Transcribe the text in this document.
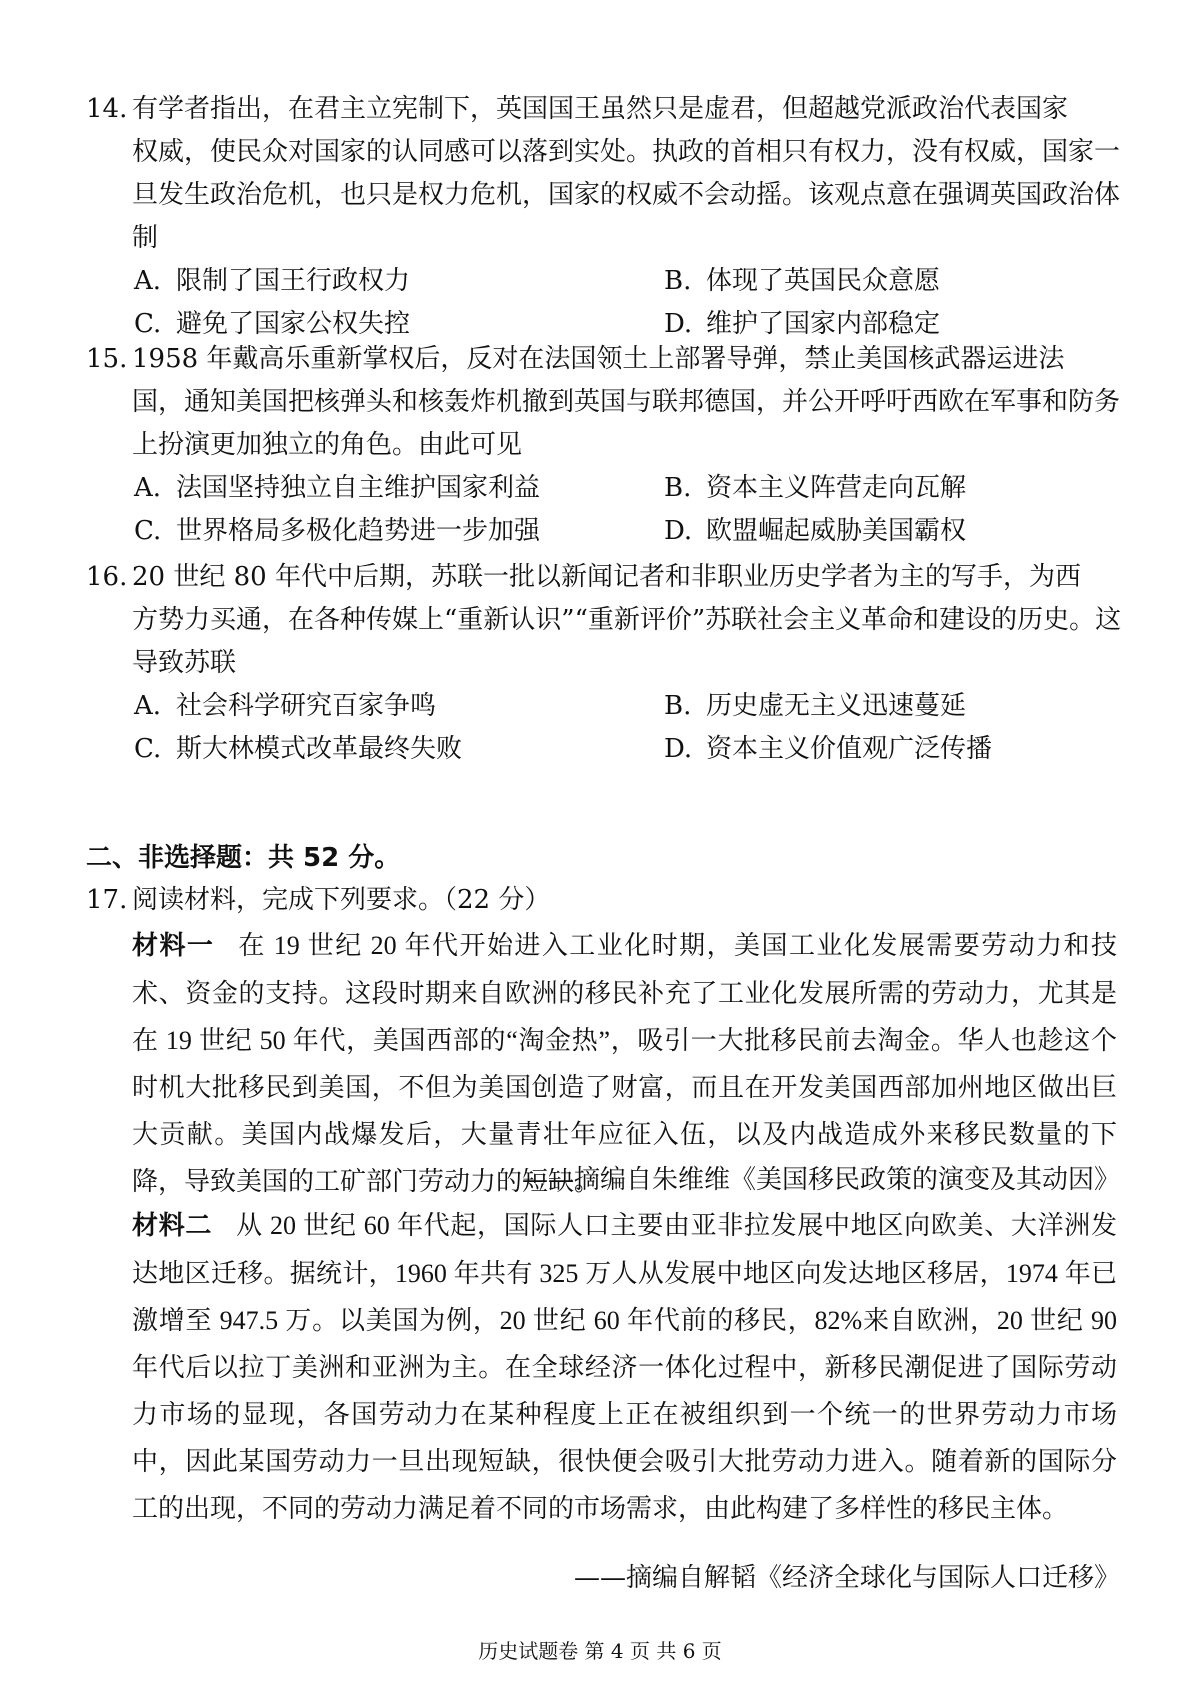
14. 有学者指出，在君主立宪制下，英国国王虽然只是虚君，但超越党派政治代表国家
权威，使民众对国家的认同感可以落到实处。执政的首相只有权力，没有权威，国家一旦发生政治危机，也只是权力危机，国家的权威不会动摇。该观点意在强调英国政治体制
A. 限制了国王行政权力	B. 体现了英国民众意愿
C. 避免了国家公权失控	D. 维护了国家内部稳定
15. 1958 年戴高乐重新掌权后，反对在法国领土上部署导弹，禁止美国核武器运进法
国，通知美国把核弹头和核轰炸机撤到英国与联邦德国，并公开呼吁西欧在军事和防务上扮演更加独立的角色。由此可见
A. 法国坚持独立自主维护国家利益	B. 资本主义阵营走向瓦解
C. 世界格局多极化趋势进一步加强	D. 欧盟崛起威胁美国霸权
16. 20 世纪 80 年代中后期，苏联一批以新闻记者和非职业历史学者为主的写手，为西
方势力买通，在各种传媒上“重新认识”“重新评价”苏联社会主义革命和建设的历史。这导致苏联
A. 社会科学研究百家争鸣	B. 历史虚无主义迅速蔓延
C. 斯大林模式改革最终失败	D. 资本主义价值观广泛传播
二、非选择题：共 52 分。
17. 阅读材料，完成下列要求。（22 分）
材料一 在 19 世纪 20 年代开始进入工业化时期，美国工业化发展需要劳动力和技术、资金的支持。这段时期来自欧洲的移民补充了工业化发展所需的劳动力，尤其是在 19 世纪 50 年代，美国西部的“淘金热”，吸引一大批移民前去淘金。华人也趁这个时机大批移民到美国，不但为美国创造了财富，而且在开发美国西部加州地区做出巨大贡献。美国内战爆发后，大量青壮年应征入伍，以及内战造成外来移民数量的下降，导致美国的工矿部门劳动力的短缺。
——摘编自朱维维《美国移民政策的演变及其动因》
材料二 从 20 世纪 60 年代起，国际人口主要由亚非拉发展中地区向欧美、大洋洲发达地区迁移。据统计，1960 年共有 325 万人从发展中地区向发达地区移居，1974 年已激增至 947.5 万。以美国为例，20 世纪 60 年代前的移民，82%来自欧洲，20 世纪 90 年代后以拉丁美洲和亚洲为主。在全球经济一体化过程中，新移民潮促进了国际劳动力市场的显现，各国劳动力在某种程度上正在被组织到一个统一的世界劳动力市场中，因此某国劳动力一旦出现短缺，很快便会吸引大批劳动力进入。随着新的国际分工的出现，不同的劳动力满足着不同的市场需求，由此构建了多样性的移民主体。
——摘编自解韬《经济全球化与国际人口迁移》
历史试题卷 第 4 页 共 6 页
